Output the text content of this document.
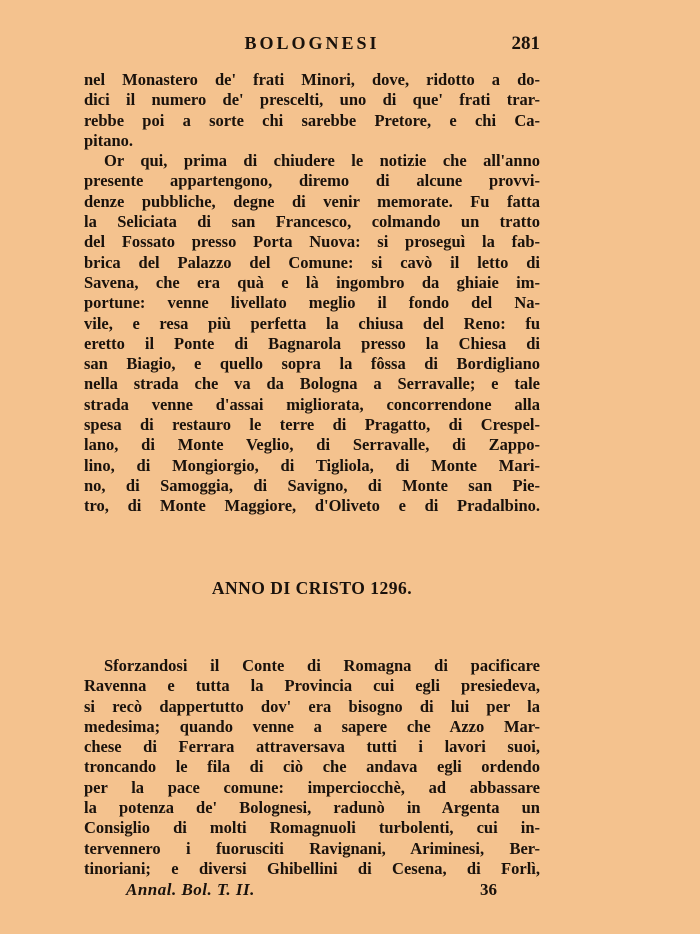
BOLOGNESI	281
nel Monastero de' frati Minori, dove, ridotto a do-
dici il numero de' prescelti, uno di que' frati trar-
rebbe poi a sorte chi sarebbe Pretore, e chi Ca-
pitano.
Or qui, prima di chiudere le notizie che all'anno
presente appartengono, diremo di alcune provvi-
denze pubbliche, degne di venir memorate. Fu fatta
la Seliciata di san Francesco, colmando un tratto
del Fossato presso Porta Nuova: si proseguì la fab-
brica del Palazzo del Comune: si cavò il letto di
Savena, che era quà e là ingombro da ghiaie im-
portune: venne livellato meglio il fondo del Na-
vile, e resa più perfetta la chiusa del Reno: fu
eretto il Ponte di Bagnarola presso la Chiesa di
san Biagio, e quello sopra la fôssa di Bordigliano
nella strada che va da Bologna a Serravalle; e tale
strada venne d'assai migliorata, concorrendone alla
spesa di restauro le terre di Pragatto, di Crespel-
lano, di Monte Veglio, di Serravalle, di Zappo-
lino, di Mongiorgio, di Tigliola, di Monte Mari-
no, di Samoggia, di Savigno, di Monte san Pie-
tro, di Monte Maggiore, d'Oliveto e di Pradalbino.
ANNO DI CRISTO 1296.
Sforzandosi il Conte di Romagna di pacificare
Ravenna e tutta la Provincia cui egli presiedeva,
si recò dappertutto dov' era bisogno di lui per la
medesima; quando venne a sapere che Azzo Mar-
chese di Ferrara attraversava tutti i lavori suoi,
troncando le fila di ciò che andava egli ordendo
per la pace comune: imperciocchè, ad abbassare
la potenza de' Bolognesi, radunò in Argenta un
Consiglio di molti Romagnuoli turbolenti, cui in-
tervennero i fuorusciti Ravignani, Ariminesi, Ber-
tinoriani; e diversi Ghibellini di Cesena, di Forlì,
Annal. Bol. T. II.	36
